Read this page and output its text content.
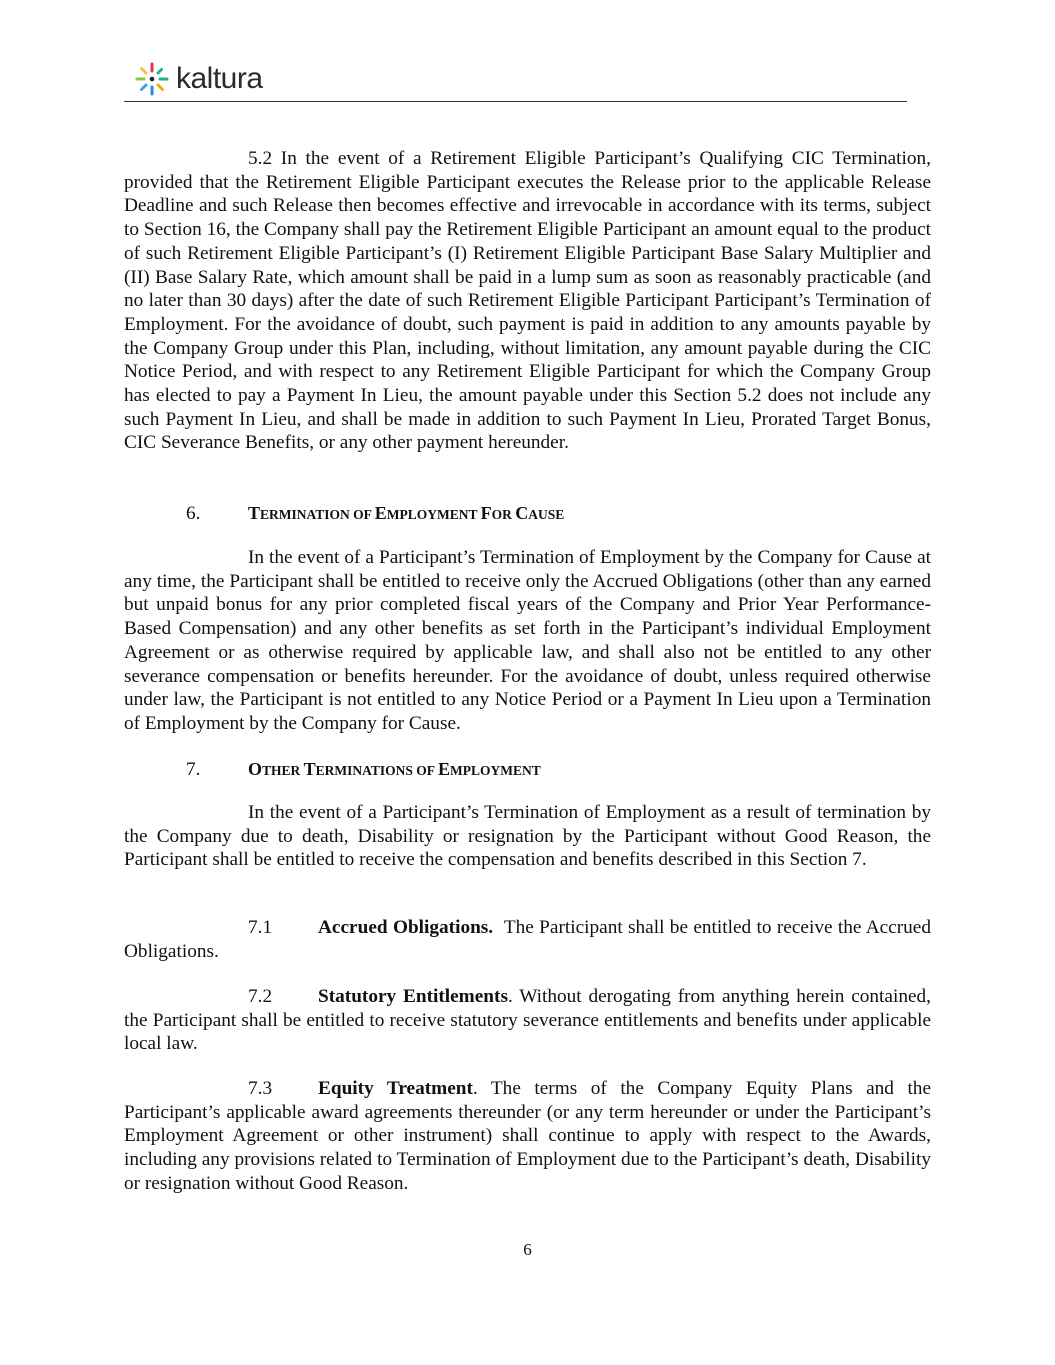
kaltura

5.2 In the event of a Retirement Eligible Participant’s Qualifying CIC Termination, provided that the Retirement Eligible Participant executes the Release prior to the applicable Release Deadline and such Release then becomes effective and irrevocable in accordance with its terms, subject to Section 16, the Company shall pay the Retirement Eligible Participant an amount equal to the product of such Retirement Eligible Participant’s (I) Retirement Eligible Participant Base Salary Multiplier and (II) Base Salary Rate, which amount shall be paid in a lump sum as soon as reasonably practicable (and no later than 30 days) after the date of such Retirement Eligible Participant Participant’s Termination of Employment. For the avoidance of doubt, such payment is paid in addition to any amounts payable by the Company Group under this Plan, including, without limitation, any amount payable during the CIC Notice Period, and with respect to any Retirement Eligible Participant for which the Company Group has elected to pay a Payment In Lieu, the amount payable under this Section 5.2 does not include any such Payment In Lieu, and shall be made in addition to such Payment In Lieu, Prorated Target Bonus, CIC Severance Benefits, or any other payment hereunder.

6.	TERMINATION OF EMPLOYMENT FOR CAUSE

In the event of a Participant’s Termination of Employment by the Company for Cause at any time, the Participant shall be entitled to receive only the Accrued Obligations (other than any earned but unpaid bonus for any prior completed fiscal years of the Company and Prior Year Performance-Based Compensation) and any other benefits as set forth in the Participant’s individual Employment Agreement or as otherwise required by applicable law, and shall also not be entitled to any other severance compensation or benefits hereunder. For the avoidance of doubt, unless required otherwise under law, the Participant is not entitled to any Notice Period or a Payment In Lieu upon a Termination of Employment by the Company for Cause.

7.	OTHER TERMINATIONS OF EMPLOYMENT

In the event of a Participant’s Termination of Employment as a result of termination by the Company due to death, Disability or resignation by the Participant without Good Reason, the Participant shall be entitled to receive the compensation and benefits described in this Section 7.

7.1 Accrued Obligations. The Participant shall be entitled to receive the Accrued Obligations.

7.2 Statutory Entitlements. Without derogating from anything herein contained, the Participant shall be entitled to receive statutory severance entitlements and benefits under applicable local law.

7.3 Equity Treatment. The terms of the Company Equity Plans and the Participant’s applicable award agreements thereunder (or any term hereunder or under the Participant’s Employment Agreement or other instrument) shall continue to apply with respect to the Awards, including any provisions related to Termination of Employment due to the Participant’s death, Disability or resignation without Good Reason.

6
